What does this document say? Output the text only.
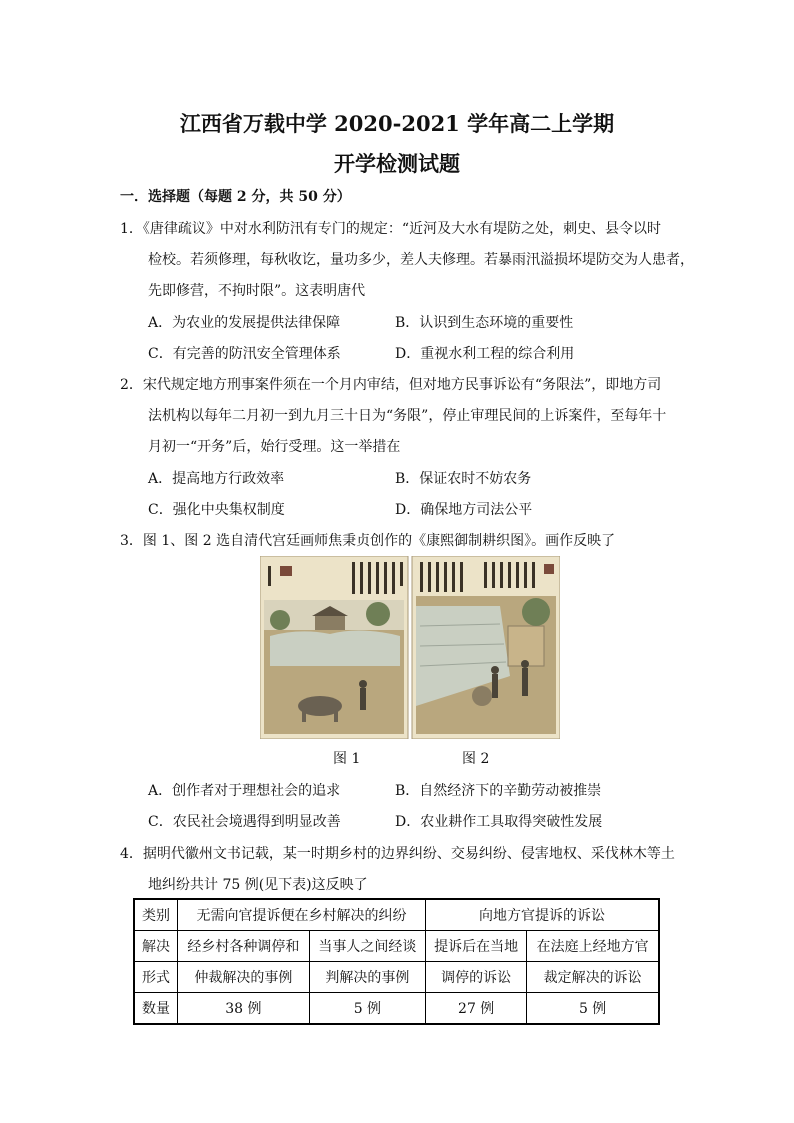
江西省万载中学 2020-2021 学年高二上学期
开学检测试题
一．选择题（每题 2 分，共 50 分）
1．《唐律疏议》中对水利防汛有专门的规定：“近河及大水有堤防之处，刺史、县令以时
检校。若须修理，每秋收讫，量功多少，差人夫修理。若暴雨汛溢损坏堤防交为人患者，
先即修营，不拘时限”。这表明唐代
A．为农业的发展提供法律保障	B．认识到生态环境的重要性
C．有完善的防汛安全管理体系	D．重视水利工程的综合利用
2．宋代规定地方刑事案件须在一个月内审结，但对地方民事诉讼有“务限法”，即地方司
法机构以每年二月初一到九月三十日为“务限”，停止审理民间的上诉案件，至每年十
月初一“开务”后，始行受理。这一举措在
A．提高地方行政效率	B．保证农时不妨农务
C．强化中央集权制度	D．确保地方司法公平
3．图 1、图 2 选自清代宫廷画师焦秉贞创作的《康熙御制耕织图》。画作反映了
图 1	图 2
A．创作者对于理想社会的追求	B．自然经济下的辛勤劳动被推崇
C．农民社会境遇得到明显改善	D．农业耕作工具取得突破性发展
4．据明代徽州文书记载，某一时期乡村的边界纠纷、交易纠纷、侵害地权、采伐林木等土
地纠纷共计 75 例(见下表)这反映了
类别	无需向官提诉便在乡村解决的纠纷		向地方官提诉的诉讼	
解决	经乡村各种调停和	当事人之间经谈	提诉后在当地	在法庭上经地方官
形式	仲裁解决的事例	判解决的事例	调停的诉讼	裁定解决的诉讼
数量	38 例	5 例	27 例	5 例
